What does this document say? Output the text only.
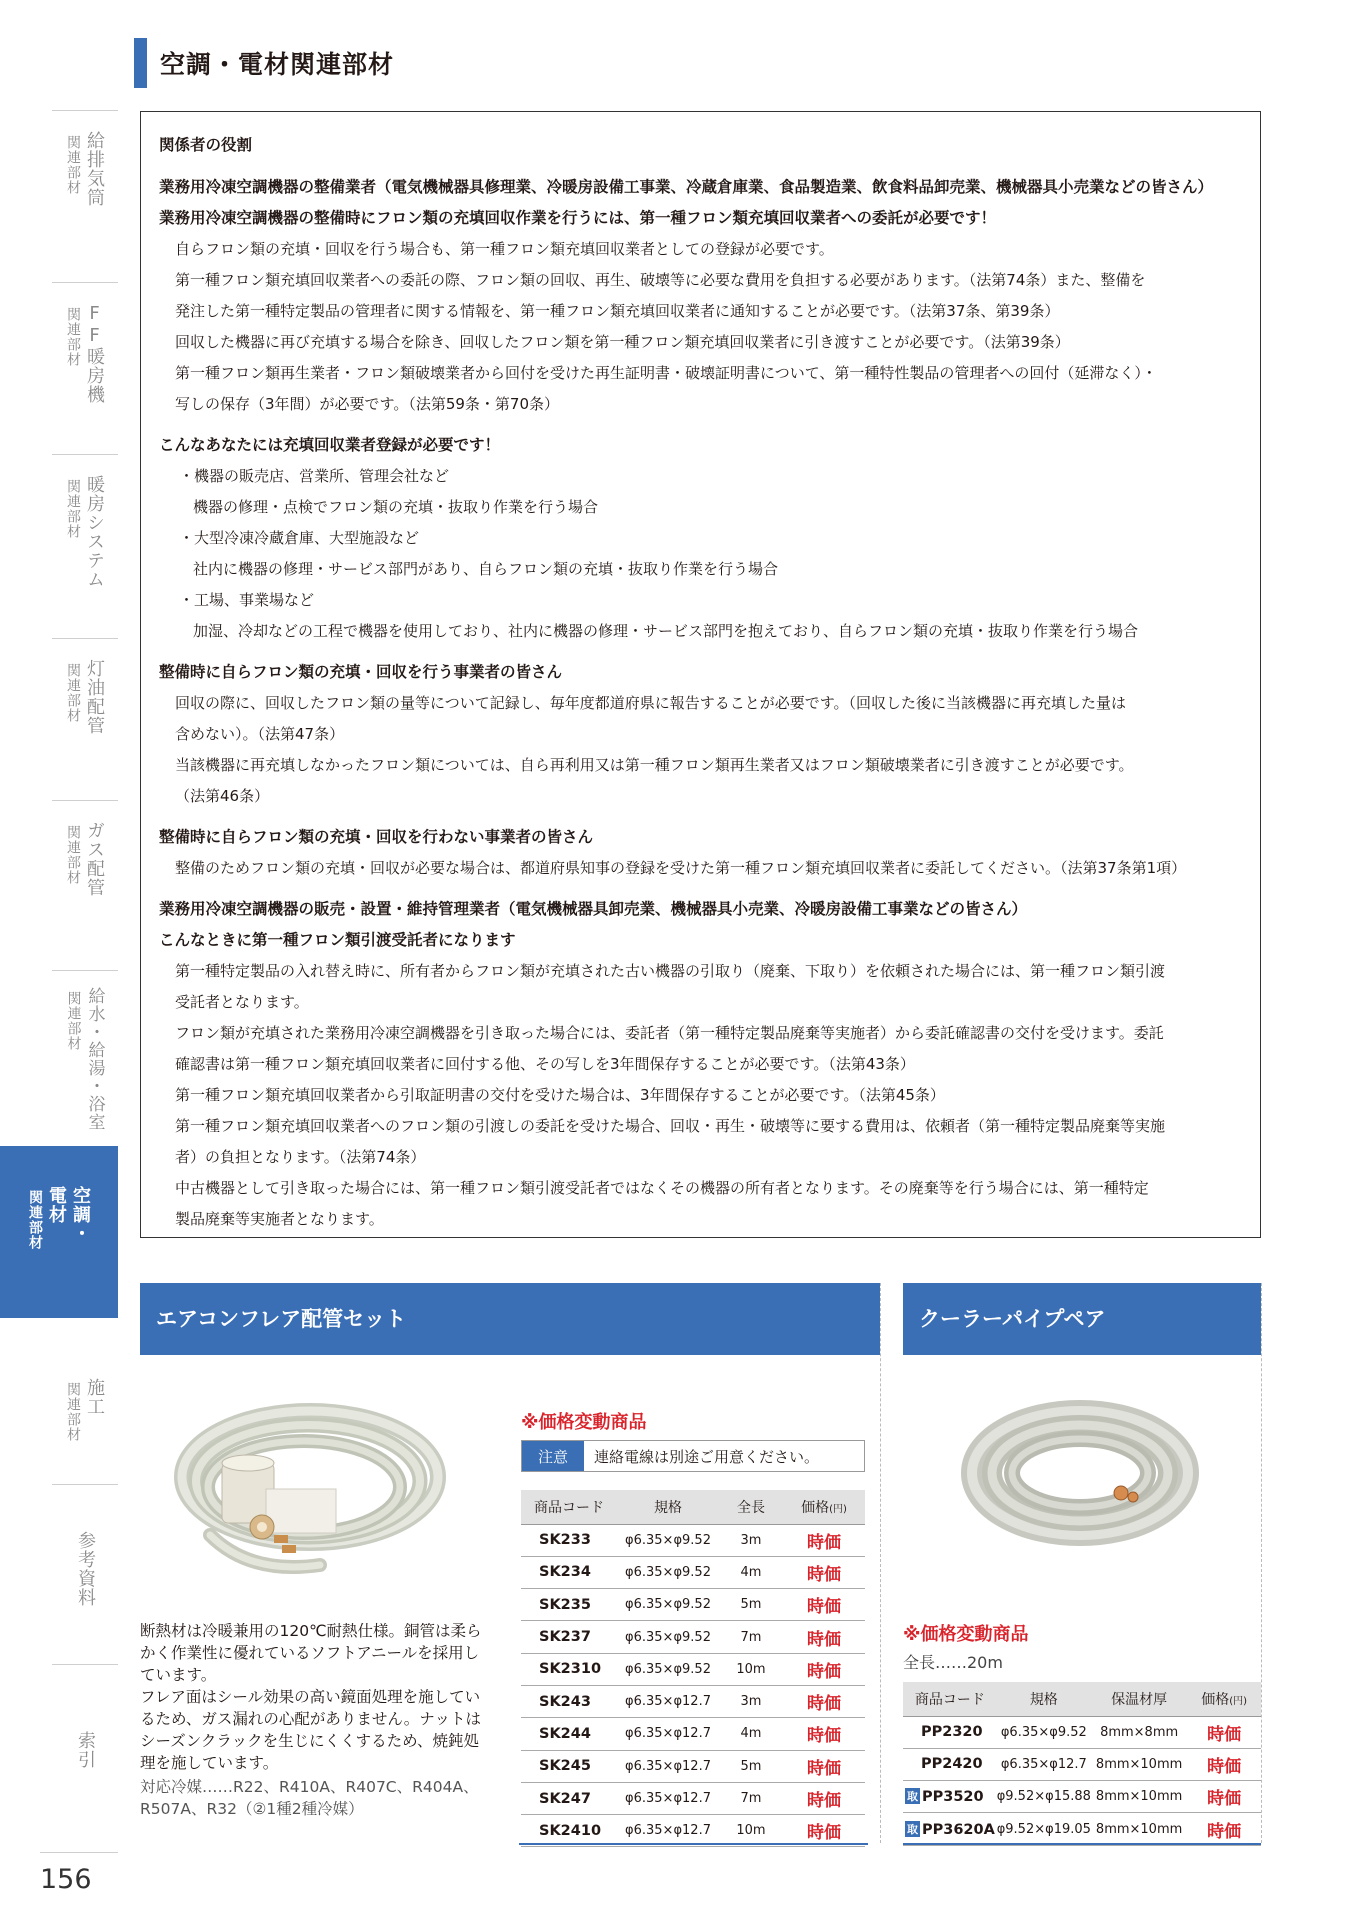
空調・電材関連部材
給排気筒
関連部材
FF暖房機
関連部材
暖房システム
関連部材
灯油配管
関連部材
ガス配管
関連部材
給水・給湯・浴室
関連部材
空調・
電材
関連部材
施工
関連部材
参考資料
索引
156
関係者の役割
業務用冷凍空調機器の整備業者（電気機械器具修理業、冷暖房設備工事業、冷蔵倉庫業、食品製造業、飲食料品卸売業、機械器具小売業などの皆さん）
業務用冷凍空調機器の整備時にフロン類の充填回収作業を行うには、第一種フロン類充填回収業者への委託が必要です！
自らフロン類の充填・回収を行う場合も、第一種フロン類充填回収業者としての登録が必要です。
第一種フロン類充填回収業者への委託の際、フロン類の回収、再生、破壊等に必要な費用を負担する必要があります。（法第74条）また、整備を
発注した第一種特定製品の管理者に関する情報を、第一種フロン類充填回収業者に通知することが必要です。（法第37条、第39条）
回収した機器に再び充填する場合を除き、回収したフロン類を第一種フロン類充填回収業者に引き渡すことが必要です。（法第39条）
第一種フロン類再生業者・フロン類破壊業者から回付を受けた再生証明書・破壊証明書について、第一種特性製品の管理者への回付（延滞なく）・
写しの保存（3年間）が必要です。（法第59条・第70条）
こんなあなたには充填回収業者登録が必要です！
・機器の販売店、営業所、管理会社など
機器の修理・点検でフロン類の充填・抜取り作業を行う場合
・大型冷凍冷蔵倉庫、大型施設など
社内に機器の修理・サービス部門があり、自らフロン類の充填・抜取り作業を行う場合
・工場、事業場など
加湿、冷却などの工程で機器を使用しており、社内に機器の修理・サービス部門を抱えており、自らフロン類の充填・抜取り作業を行う場合
整備時に自らフロン類の充填・回収を行う事業者の皆さん
回収の際に、回収したフロン類の量等について記録し、毎年度都道府県に報告することが必要です。（回収した後に当該機器に再充填した量は
含めない）。（法第47条）
当該機器に再充填しなかったフロン類については、自ら再利用又は第一種フロン類再生業者又はフロン類破壊業者に引き渡すことが必要です。
（法第46条）
整備時に自らフロン類の充填・回収を行わない事業者の皆さん
整備のためフロン類の充填・回収が必要な場合は、都道府県知事の登録を受けた第一種フロン類充填回収業者に委託してください。（法第37条第1項）
業務用冷凍空調機器の販売・設置・維持管理業者（電気機械器具卸売業、機械器具小売業、冷暖房設備工事業などの皆さん）
こんなときに第一種フロン類引渡受託者になります
第一種特定製品の入れ替え時に、所有者からフロン類が充填された古い機器の引取り（廃棄、下取り）を依頼された場合には、第一種フロン類引渡
受託者となります。
フロン類が充填された業務用冷凍空調機器を引き取った場合には、委託者（第一種特定製品廃棄等実施者）から委託確認書の交付を受けます。委託
確認書は第一種フロン類充填回収業者に回付する他、その写しを3年間保存することが必要です。（法第43条）
第一種フロン類充填回収業者から引取証明書の交付を受けた場合は、3年間保存することが必要です。（法第45条）
第一種フロン類充填回収業者へのフロン類の引渡しの委託を受けた場合、回収・再生・破壊等に要する費用は、依頼者（第一種特定製品廃棄等実施
者）の負担となります。（法第74条）
中古機器として引き取った場合には、第一種フロン類引渡受託者ではなくその機器の所有者となります。その廃棄等を行う場合には、第一種特定
製品廃棄等実施者となります。
エアコンフレア配管セット
※価格変動商品
注意	連絡電線は別途ご用意ください。
商品コード	規格	全長	価格(円)
SK233	φ6.35×φ9.52	3m	時価
SK234	φ6.35×φ9.52	4m	時価
SK235	φ6.35×φ9.52	5m	時価
SK237	φ6.35×φ9.52	7m	時価
SK2310	φ6.35×φ9.52	10m	時価
SK243	φ6.35×φ12.7	3m	時価
SK244	φ6.35×φ12.7	4m	時価
SK245	φ6.35×φ12.7	5m	時価
SK247	φ6.35×φ12.7	7m	時価
SK2410	φ6.35×φ12.7	10m	時価

断熱材は冷暖兼用の120℃耐熱仕様。銅管は柔らかく作業性に優れているソフトアニールを採用しています。

フレア面はシール効果の高い鏡面処理を施しているため、ガス漏れの心配がありません。ナットはシーズンクラックを生じにくくするため、焼鈍処理を施しています。

対応冷媒……R22、R410A、R407C、R404A、R507A、R32（②1種2種冷媒）

クーラーパイプペア
※価格変動商品
全長……20m
商品コード	規格	保温材厚	価格(円)
PP2320	φ6.35×φ9.52	8mm×8mm	時価
PP2420	φ6.35×φ12.7	8mm×10mm	時価
取 PP3520	φ9.52×φ15.88	8mm×10mm	時価
取 PP3620A	φ9.52×φ19.05	8mm×10mm	時価
